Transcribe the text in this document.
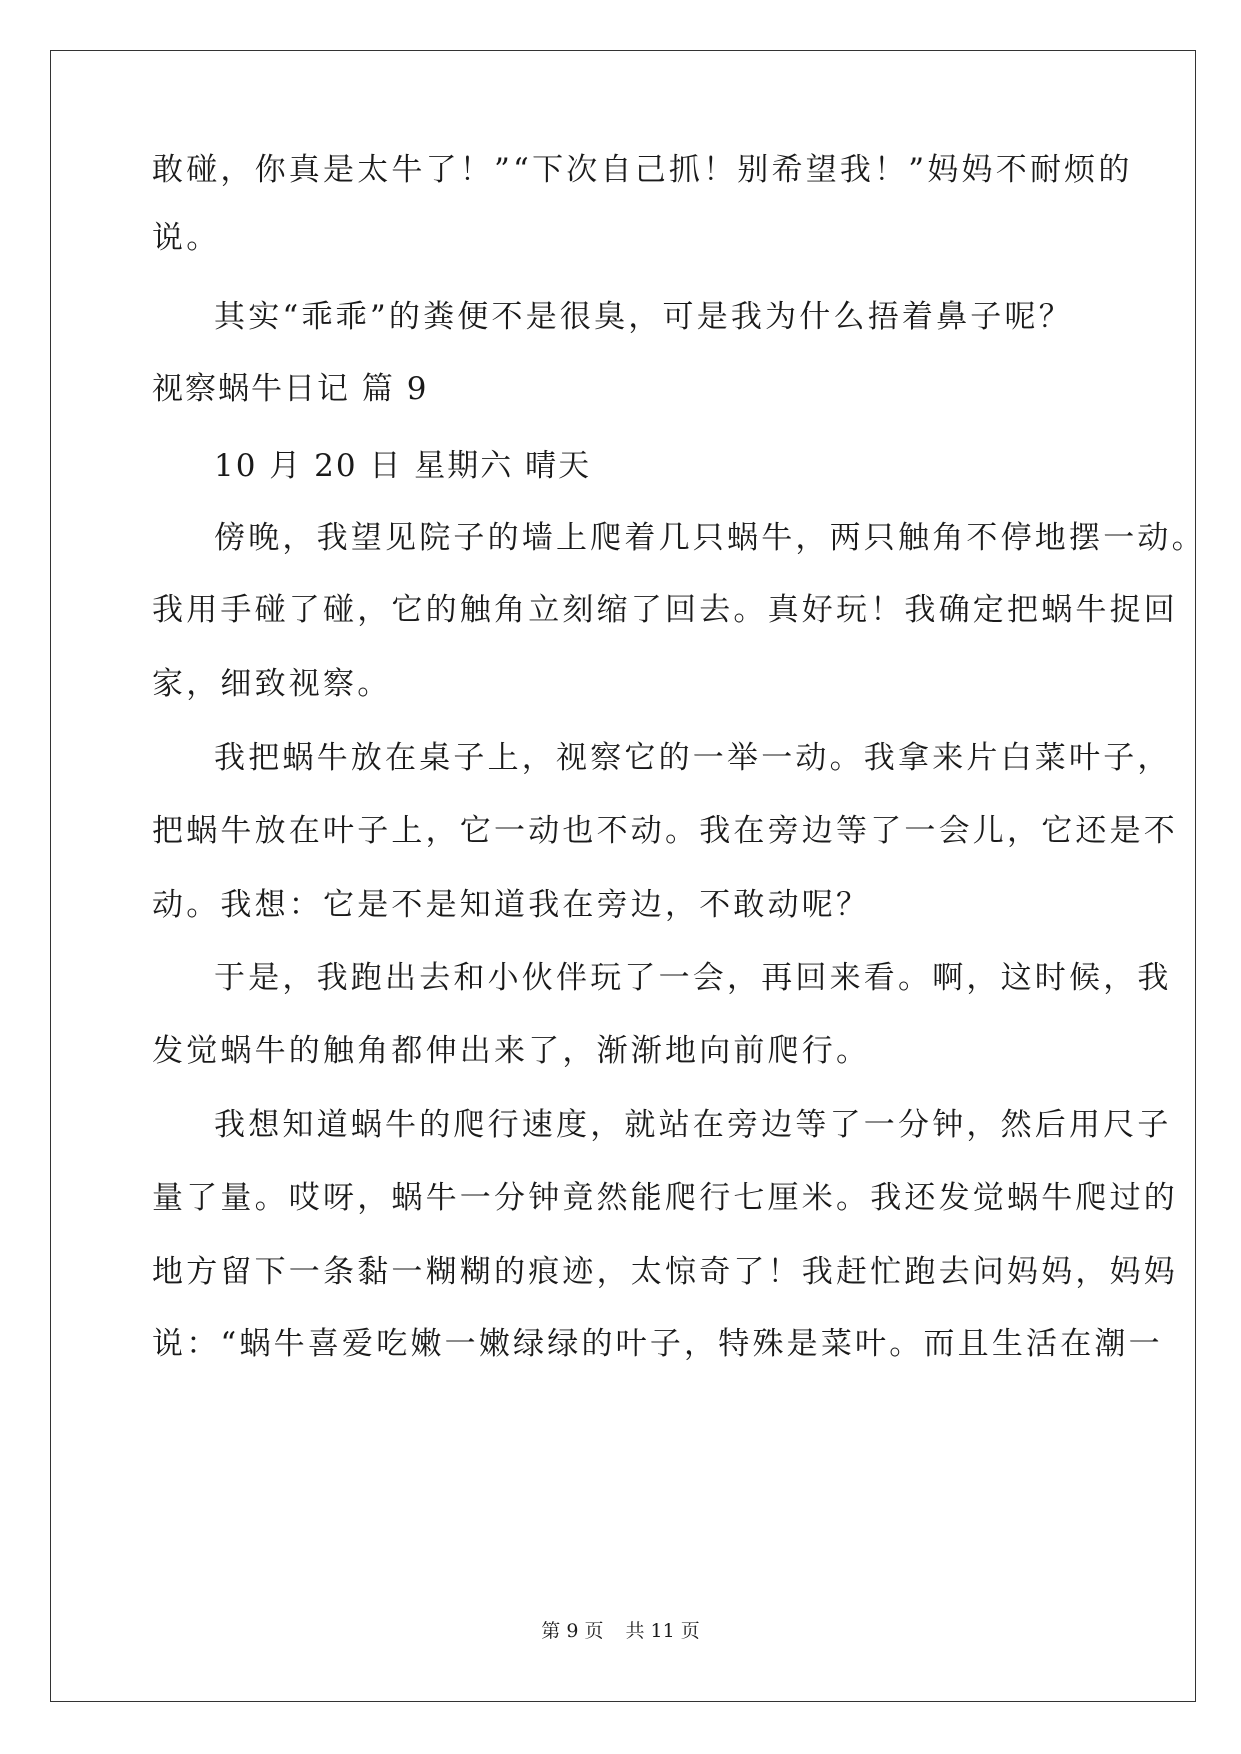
敢碰，你真是太牛了！”“下次自己抓！别希望我！”妈妈不耐烦的
说。
其实“乖乖”的粪便不是很臭，可是我为什么捂着鼻子呢？
视察蜗牛日记 篇 9
10 月 20 日 星期六 晴天
傍晚，我望见院子的墙上爬着几只蜗牛，两只触角不停地摆一动。
我用手碰了碰，它的触角立刻缩了回去。真好玩！我确定把蜗牛捉回
家，细致视察。
我把蜗牛放在桌子上，视察它的一举一动。我拿来片白菜叶子，
把蜗牛放在叶子上，它一动也不动。我在旁边等了一会儿，它还是不
动。我想：它是不是知道我在旁边，不敢动呢？
于是，我跑出去和小伙伴玩了一会，再回来看。啊，这时候，我
发觉蜗牛的触角都伸出来了，渐渐地向前爬行。
我想知道蜗牛的爬行速度，就站在旁边等了一分钟，然后用尺子
量了量。哎呀，蜗牛一分钟竟然能爬行七厘米。我还发觉蜗牛爬过的
地方留下一条黏一糊糊的痕迹，太惊奇了！我赶忙跑去问妈妈，妈妈
说：“蜗牛喜爱吃嫩一嫩绿绿的叶子，特殊是菜叶。而且生活在潮一
第 9 页 共 11 页
